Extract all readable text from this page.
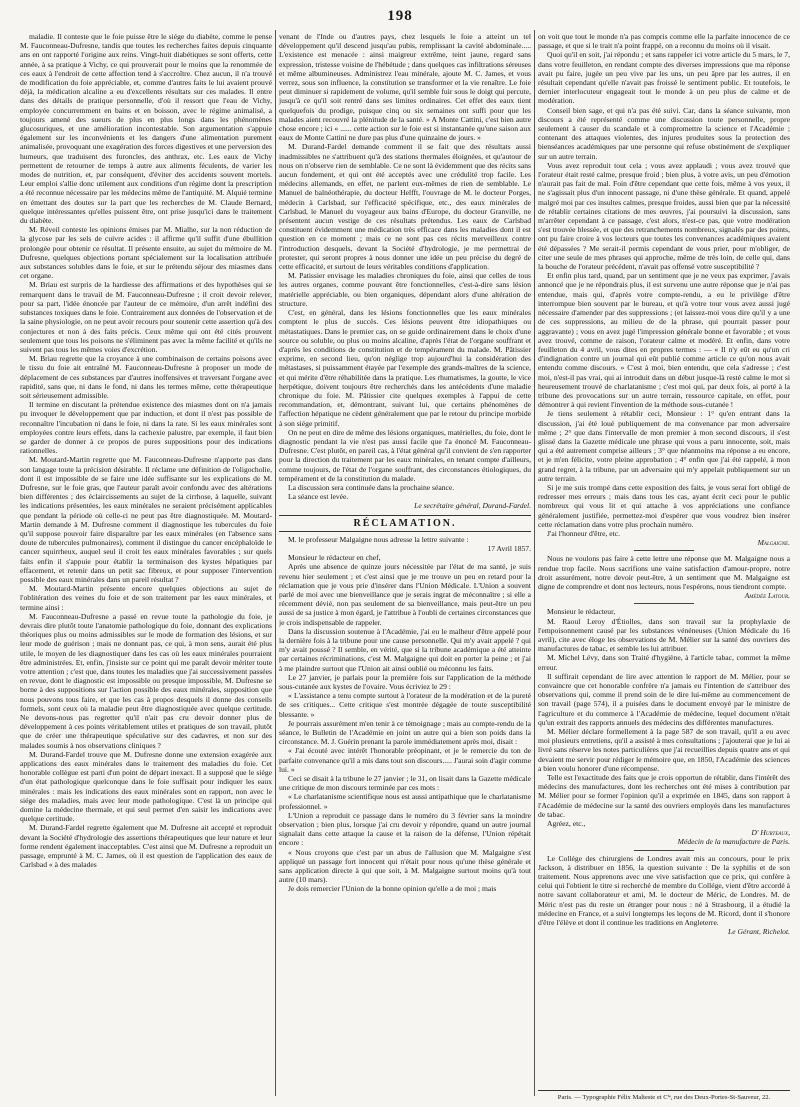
198

maladie. Il conteste que le foie puisse être le siége du diabète, comme le pense M. Fauconneau-Dufresne, tandis que toutes les recherches faites depuis cinquante ans en ont rapporté l'origine aux reins. Vingt-huit diabétiques se sont offerts, cette année, à sa pratique à Vichy, ce qui prouverait pour le moins que la renommée de ces eaux à l'endroit de cette affection tend à s'accroître. Chez aucun, il n'a trouvé de modification du foie appréciable, et, comme d'autres faits le lui avaient prouvé déjà, la médication alcaline a eu d'excellents résultats sur ces malades. Il entre dans des détails de pratique personnelle, d'où il ressort que l'eau de Vichy, employée concurremment en bains et en boisson, avec le régime animalisé, a toujours amené des sueurs de plus en plus longs dans les phénomènes glucosuriques, et une amélioration incontestable. Son argumentation s'appuie également sur les inconvénients et les dangers d'une alimentation purement animalisée, provoquant une exagération des forces digestives et une perversion des humeurs, que traduisent des furoncles, des anthrax, etc. Les eaux de Vichy permettent de retourner de temps à autre aux aliments féculents, de varier les modes de nutrition, et, par conséquent, d'éviter des accidents souvent mortels. Leur emploi s'allie donc utilement aux conditions d'un régime dont la prescription a été reconnue nécessaire par les médecins même de l'antiquité. M. Alquié termine en émettant des doutes sur la part que les recherches de M. Claude Bernard, quelque intéressantes qu'elles puissent être, ont prise jusqu'ici dans le traitement du diabète.

M. Réveil conteste les opinions émises par M. Mialhe, sur la non réduction de la glycose par les sels de cuivre acides : il affirme qu'il suffit d'une ébullition prolongée pour obtenir ce résultat. Il présente ensuite, au sujet du mémoire de M. Dufresne, quelques objections portant spécialement sur la localisation attribuée aux substances solubles dans le foie, et sur le prétendu séjour des miasmes dans cet organe.

M. Briau est surpris de la hardiesse des affirmations et des hypothèses qui se remarquent dans le travail de M. Fauconneau-Dufresne ; il croit devoir relever, pour sa part, l'idée énoncée par l'auteur de ce mémoire, d'un arrêt indéfini des substances toxiques dans le foie. Contrairement aux données de l'observation et de la saine physiologie, on ne peut avoir recours pour soutenir cette assertion qu'à des conjectures et non à des faits précis. Ceux même qui ont été cités prouvent seulement que tous les poisons ne s'éliminent pas avec la même facilité et qu'ils ne suivent pas tous les mêmes voies d'excrétion.

M. Briau regrette que la croyance à une combinaison de certains poisons avec le tissu du foie ait entraîné M. Fauconneau-Dufresne à proposer un mode de déplacement de ces substances par d'autres inoffensives et traversant l'organe avec rapidité, sans que, ni dans le fond, ni dans les termes même, cette thérapeutique soit sérieusement admissible.

Il termine en discutant la prétendue existence des miasmes dont on n'a jamais pu invoquer le développement que par induction, et dont il n'est pas possible de reconnaître l'incubation ni dans le foie, ni dans la rate. Si les eaux minérales sont employées contre leurs effets, dans la cachexie palustre, par exemple, il faut bien se garder de donner à ce propos de pures suppositions pour des indications rationnelles.

M. Moutard-Martin regrette que M. Fauconneau-Dufresne n'apporte pas dans son langage toute la précision désirable. Il réclame une définition de l'oligocholie, dont il est impossible de se faire une idée suffisante sur les explications de M. Dufresne, sur le foie gras, que l'auteur paraît avoir confondu avec des altérations bien différentes ; des éclaircissements au sujet de la cirrhose, à laquelle, suivant les indications présentées, les eaux minérales ne seraient précisément applicables que pendant la période où celle-ci ne peut pas être diagnostiquée. M. Moutard-Martin demande à M. Dufresne comment il diagnostique les tubercules du foie qu'il suppose pouvoir faire disparaître par les eaux minérales (en l'absence sans doute de tubercules pulmonaires), comment il distingue du cancer encéphaloïde le cancer squirrheux, auquel seul il croit les eaux minérales favorables ; sur quels faits enfin il s'appuie pour établir la terminaison des kystes hépatiques par effacement, et retenir dans un petit sac fibreux, et pour supposer l'intervention possible des eaux minérales dans un pareil résultat ?

M. Moutard-Martin présente encore quelques objections au sujet de l'oblitération des veines du foie et de son traitement par les eaux minérales, et termine ainsi :

M. Fauconneau-Dufresne a passé en revue toute la pathologie du foie, je devrais dire plutôt toute l'anatomie pathologique du foie, donnant des explications théoriques plus ou moins admissibles sur le mode de formation des lésions, et sur leur mode de guérison ; mais ne donnant pas, ce qui, à mon sens, aurait été plus utile, le moyen de les diagnostiquer dans les cas où les eaux minérales pourraient être administrées. Et, enfin, j'insiste sur ce point qui me paraît devoir mériter toute votre attention ; c'est que, dans toutes les maladies que j'ai successivement passées en revue, dont le diagnostic est impossible ou presque impossible, M. Dufresne se borne à des suppositions sur l'action possible des eaux minérales, supposition que nous pouvons tous faire, et que les cas à propos desquels il donne des conseils formels, sont ceux où la maladie peut être diagnostiquée avec quelque certitude. Ne devons-nous pas regretter qu'il n'ait pas cru devoir donner plus de développement à ces points véritablement utiles et pratiques de son travail, plutôt que de créer une thérapeutique spéculative sur des cadavres, et non sur des malades soumis à nos observations cliniques ?

M. Durand-Fardel trouve que M. Dufresne donne une extension exagérée aux applications des eaux minérales dans le traitement des maladies du foie. Cet honorable collègue est parti d'un point de départ inexact. Il a supposé que le siége d'un état pathologique quelconque dans le foie suffisait pour indiquer les eaux minérales : mais les indications des eaux minérales sont en rapport, non avec le siége des maladies, mais avec leur mode pathologique. C'est là un principe qui domine la médecine thermale, et qui seul permet d'en saisir les indications avec quelque certitude.

M. Durand-Fardel regrette également que M. Dufresne ait accepté et reproduit devant la Société d'hydrologie des assertions thérapeutiques que leur nature et leur forme rendent également inacceptables. C'est ainsi que M. Dufresne a reproduit un passage, emprunté à M. C. James, où il est question de l'application des eaux de Carlsbad « à des malades

venant de l'Inde ou d'autres pays, chez lesquels le foie a atteint un tel développement qu'il descend jusqu'au pubis, remplissant la cavité abdominale..... L'existence est menacée : ainsi maigreur extrême, teint jaune, regard sans expression, tristesse voisine de l'hébétude ; dans quelques cas infiltrations séreuses et même albumineuses. Administrez l'eau minérale, ajoute M. C. James, et vous verrez, sous son influence, la constitution se transformer et la vie renaître. Le foie peut diminuer si rapidement de volume, qu'il semble fuir sous le doigt qui percute, jusqu'à ce qu'il soit rentré dans ses limites ordinaires. Cet effet des eaux tient quelquefois du prodige, puisque cinq ou six semaines ont suffi pour que les malades aient recouvré la plénitude de la santé. » A Monte Cattini, c'est bien autre chose encore ; ici « ...... cette action sur le foie est si instantanée qu'une saison aux eaux de Monte Cattini ne dure pas plus d'une quinzaine de jours. »

M. Durand-Fardel demande comment il se fait que des résultats aussi inadmissibles ne s'attribuent qu'à des stations thermales éloignées, et qu'autour de nous on n'observe rien de semblable. Ce ne sont là évidemment que des récits sans aucun fondement, et qui ont été acceptés avec une crédulité trop facile. Les médecins allemands, en effet, ne parlent eux-mêmes de rien de semblable. Le Manuel de balnéothérapie, du docteur Helfft, l'ouvrage de M. le docteur Porges, médecin à Carlsbad, sur l'efficacité spécifique, etc., des eaux minérales de Carlsbad, le Manuel du voyageur aux bains d'Europe, du docteur Granville, ne présentent aucun vestige de ces résultats prétendus. Les eaux de Carlsbad constituent évidemment une médication très efficace dans les maladies dont il est question en ce moment ; mais ce ne sont pas ces récits merveilleux contre l'introduction desquels, devant la Société d'hydrologie, je me permettrai de protester, qui seront propres à nous donner une idée un peu précise du degré de cette efficacité, et surtout de leurs véritables conditions d'application.

M. Patissier envisage les maladies chroniques du foie, ainsi que celles de tous les autres organes, comme pouvant être fonctionnelles, c'est-à-dire sans lésion matérielle appréciable, ou bien organiques, dépendant alors d'une altération de structure.

C'est, en général, dans les lésions fonctionnelles que les eaux minérales comptent le plus de succès. Ces lésions peuvent être idiopathiques ou métastatiques. Dans le premier cas, on se guide ordinairement dans le choix d'une source ou soluble, ou plus ou moins alcaline, d'après l'état de l'organe souffrant et d'après les conditions de constitution et de tempérament du malade. M. Pâtissier exprime, en second lieu, qu'on néglige trop aujourd'hui la considération des métastases, si puissamment étayée par l'exemple des grands-maîtres de la science, et qui mérite d'être réhabilitée dans la pratique. Les rhumatismes, la goutte, le vice herpétique, doivent toujours être recherchés dans les antécédents d'une maladie chronique du foie. M. Pâtissier cite quelques exemples à l'appui de cette recommandation, et, démontrant, suivant lui, que certains phénomènes de l'affection hépatique ne cèdent généralement que par le retour du principe morbide à son siége primitif.

On ne peut en dire de même des lésions organiques, matérielles, du foie, dont le diagnostic pendant la vie n'est pas aussi facile que l'a énoncé M. Fauconneau-Dufresne. C'est plutôt, en pareil cas, à l'état général qu'il convient de s'en rapporter pour la direction du traitement par les eaux minérales, en tenant compte d'ailleurs, comme toujours, de l'état de l'organe souffrant, des circonstances étiologiques, du tempérament et de la constitution du malade.

La discussion sera continuée dans la prochaine séance.

La séance est levée.

Le secrétaire général, Durand-Fardel.

RÉCLAMATION.

M. le professeur Malgaigne nous adresse la lettre suivante :

17 Avril 1857.

Monsieur le rédacteur en chef,

Après une absence de quinze jours nécessitée par l'état de ma santé, je suis revenu hier seulement ; et c'est ainsi que je me trouve un peu en retard pour la réclamation que je vous prie d'insérer dans l'Union Médicale. L'Union a souvent parlé de moi avec une bienveillance que je serais ingrat de méconnaître ; si elle a récemment dévié, non pas seulement de sa bienveillance, mais peut-être un peu aussi de sa justice à mon égard, je l'attribue à l'oubli de certaines circonstances que je crois indispensable de rappeler.

Dans la discussion soutenue à l'Académie, j'ai eu le malheur d'être appelé pour la dernière fois à la tribune pour une cause personnelle. Qui m'y avait appelé ? qui m'y avait poussé ? Il semble, en vérité, que si la tribune académique a été atteinte par certaines récriminations, c'est M. Malgaigne qui doit en porter la peine ; et j'ai à me plaindre surtout que l'Union ait ainsi oublié ou méconnu les faits.

Le 27 janvier, je parlais pour la première fois sur l'application de la méthode sous-cutanée aux kystes de l'ovaire. Vous écriviez le 29 :

« L'assistance a tenu compte surtout à l'orateur de la modération et de la pureté de ses critiques... Cette critique s'est montrée dégagée de toute susceptibilité blessante. »

Je pourrais assurément m'en tenir à ce témoignage ; mais au compte-rendu de la séance, le Bulletin de l'Académie en joint un autre qui a bien son poids dans la circonstance. M. J. Guérin prenant la parole immédiatement après moi, disait :

« J'ai écouté avec intérêt l'honorable préopinant, et je le remercie du ton de parfaite convenance qu'il a mis dans tout son discours..... J'aurai soin d'agir comme lui. »

Ceci se disait à la tribune le 27 janvier ; le 31, on lisait dans la Gazette médicale une critique de mon discours terminée par ces mots :

« Le charlatanisme scientifique nous est aussi antipathique que le charlatanisme professionnel. »

L'Union a reproduit ce passage dans le numéro du 3 février sans la moindre observation ; bien plus, lorsque j'ai cru devoir y répondre, quand un autre journal signalait dans cette attaque la cause et la raison de la défense, l'Union répétait encore :

« Nous croyons que c'est par un abus de l'allusion que M. Malgaigne s'est appliqué un passage fort innocent qui n'était pour nous qu'une thèse générale et sans application directe à qui que soit, à M. Malgaigne surtout moins qu'à tout autre (10 mars).

Je dois remercier l'Union de la bonne opinion qu'elle a de moi ; mais

on voit que tout le monde n'a pas compris comme elle la parfaite innocence de ce passage, et que si le trait n'a point frappé, on a reconnu du moins où il visait.

Quoi qu'il en soit, j'ai répondu ; et sans rappeler ici votre article du 5 mars, le 7, dans votre feuilleton, en rendant compte des diverses impressions que ma réponse avait pu faire, jugée un peu vive par les uns, un peu âpre par les autres, il en résultait cependant qu'elle n'avait pas froissé le sentiment public. Et toutefois, le dernier interlocuteur engageait tout le monde à un peu plus de calme et de modération.

Conseil bien sage, et qui n'a pas été suivi. Car, dans la séance suivante, mon discours a été représenté comme une discussion toute personnelle, propre seulement à causer du scandale et à compromettre la science et l'Académie ; contenant des attaques violentes, des injures produites sous la protection des bienséances académiques par une personne qui refuse obstinément de s'expliquer sur un autre terrain.

Vous avez reproduit tout cela ; vous avez applaudi ; vous avez trouvé que l'orateur était resté calme, presque froid ; bien plus, à votre avis, un peu d'émotion n'aurait pas fait de mal. Foin d'être cependant que cette fois, même à vos yeux, il ne s'agissait plus d'un innocent passage, ni d'une thèse générale. Et quand, appelé malgré moi par ces insultes calmes, presque froides, aussi bien que par la nécessité de rétablir certaines citations de mes œuvres, j'ai poursuivi la discussion, sans m'arrêter cependant à ce passage, c'est alors, n'est-ce pas, que votre modération s'est trouvée blessée, et que des retranchements nombreux, signalés par des points, ont pu faire croire à vos lecteurs que toutes les convenances académiques avaient été dépassées ? Me serait-il permis cependant de vous prier, pour m'obliger, de citer une seule de mes phrases qui approche, même de très loin, de celle qui, dans la bouche de l'orateur précédent, n'avait pas offensé votre susceptibilité ?

Et enfin plus tard, quand, par un sentiment que je ne veux pas exprimer, j'avais annoncé que je ne répondrais plus, il est survenu une autre réponse que je n'ai pas entendue, mais qui, d'après votre compte-rendu, a eu le privilège d'être interrompue bien souvent par le bureau, et qu'à votre tour vous avez aussi jugé nécessaire d'amender par des suppressions ; (et laissez-moi vous dire qu'il y a une de ces suppressions, au milieu de de la phrase, qui pourrait passer pour aggravante) ; vous en avez jugé l'impression générale bonne et favorable ; et vous avez trouvé, comme de raison, l'orateur calme et modéré. Et enfin, dans votre feuilleton du 4 avril, vous dites en propres termes : — « Il n'y eût eu qu'un cri d'indignation contre un journal qui eût publié comme article ce qu'on nous avait entendu comme discours. » C'est à moi, bien entendu, que cela s'adresse ; c'est moi, n'est-il pas vrai, qui ai introduit dans un début jusque-là resté calme le mot si heureusement trouvé de charlatanisme ; c'est moi qui, par deux fois, ai porté à la tribune des provocations sur un autre terrain, ressource capitale, en effet, pour démontrer à qui revient l'invention de la méthode sous-cutanée !

Je tiens seulement à rétablir ceci, Monsieur : 1° qu'en entrant dans la discussion, j'ai été loué publiquement de ma convenance par mon adversaire même ; 2° que dans l'intervalle de mon premier à mon second discours, il s'est glissé dans la Gazette médicale une phrase qui vous a paru innocente, soit, mais qui a été autrement comprise ailleurs ; 3° que néanmoins ma réponse a eu encore, et je m'en félicite, votre pleine approbation ; 4° enfin que j'ai été rappelé, à mon grand regret, à la tribune, par un adversaire qui m'y appelait publiquement sur un autre terrain.

Si je me suis trompé dans cette exposition des faits, je vous serai fort obligé de redresser mes erreurs ; mais dans tous les cas, ayant écrit ceci pour le public nombreux qui vous lit et qui attache à vos appréciations une confiance généralement justifiée, permettez-moi d'espérer que vous voudrez bien insérer cette réclamation dans votre plus prochain numéro.

J'ai l'honneur d'être, etc.

Malgaigne.

Nous ne voulons pas faire à cette lettre une réponse que M. Malgaigne nous a rendue trop facile. Nous sacrifions une vaine satisfaction d'amour-propre, notre droit assurément, notre devoir peut-être, à un sentiment que M. Malgaigne est digne de comprendre et dont nos lecteurs, nous l'espérons, nous tiendront compte.

Amédée Latour.

Monsieur le rédacteur,

M. Raoul Leroy d'Étiolles, dans son travail sur la prophylaxie de l'empoisonnement causé par les substances vénéneuses (Union Médicale du 16 avril), cite avec éloge les observations de M. Mélier sur la santé des ouvriers des manufactures de tabac, et semble les lui attribuer.

M. Michel Lévy, dans son Traité d'hygiène, à l'article tabac, commet la même erreur.

Il suffirait cependant de lire avec attention le rapport de M. Mélier, pour se convaincre que cet honorable confrère n'a jamais eu l'intention de s'attribuer des observations qui, comme il prend soin de le dire lui-même au commencement de son travail (page 574), il a puisées dans le document envoyé par le ministre de l'agriculture et du commerce à l'Académie de médecine, lequel document n'était qu'un extrait des rapports annuels des médecins des différentes manufactures.

M. Mélier déclare formellement à la page 587 de son travail, qu'il a eu avec moi plusieurs entretiens, qu'il a assisté à mes consultations ; j'ajouterai que je lui ai livré sans réserve les notes particulières que j'ai recueillies depuis quatre ans et qui devaient me servir pour rédiger le mémoire que, en 1850, l'Académie des sciences a bien voulu honorer d'une récompense.

Telle est l'exactitude des faits que je crois opportun de rétablir, dans l'intérêt des médecins des manufactures, dont les recherches ont été mises à contribution par M. Mélier pour se former l'opinion qu'il a exprimée en 1845, dans son rapport à l'Académie de médecine sur la santé des ouvriers employés dans les manufactures de tabac.

Agréez, etc.,

D' Hurteaux,

Médecin de la manufacture de Paris.

Le Collége des chirurgiens de Londres avait mis au concours, pour le prix Jackson, à distribuer en 1856, la question suivante : De la syphilis et de son traitement. Nous apprenons avec une vive satisfaction que ce prix, qui confère à celui qui l'obtient le titre si recherché de membre du Collége, vient d'être accordé à notre savant collaborateur et ami, M. le docteur de Méric, de Londres. M. de Méric n'est pas du reste un étranger pour nous : né à Strasbourg, il a étudié la médecine en France, et a suivi longtemps les leçons de M. Ricord, dont il s'honore d'être l'élève et dont il continue les traditions en Angleterre.

Le Gérant, Richelot.

Paris. — Typographie Félix Malteste et Cⁱᵉ, rue des Deux-Portes-St-Sauveur, 22.
